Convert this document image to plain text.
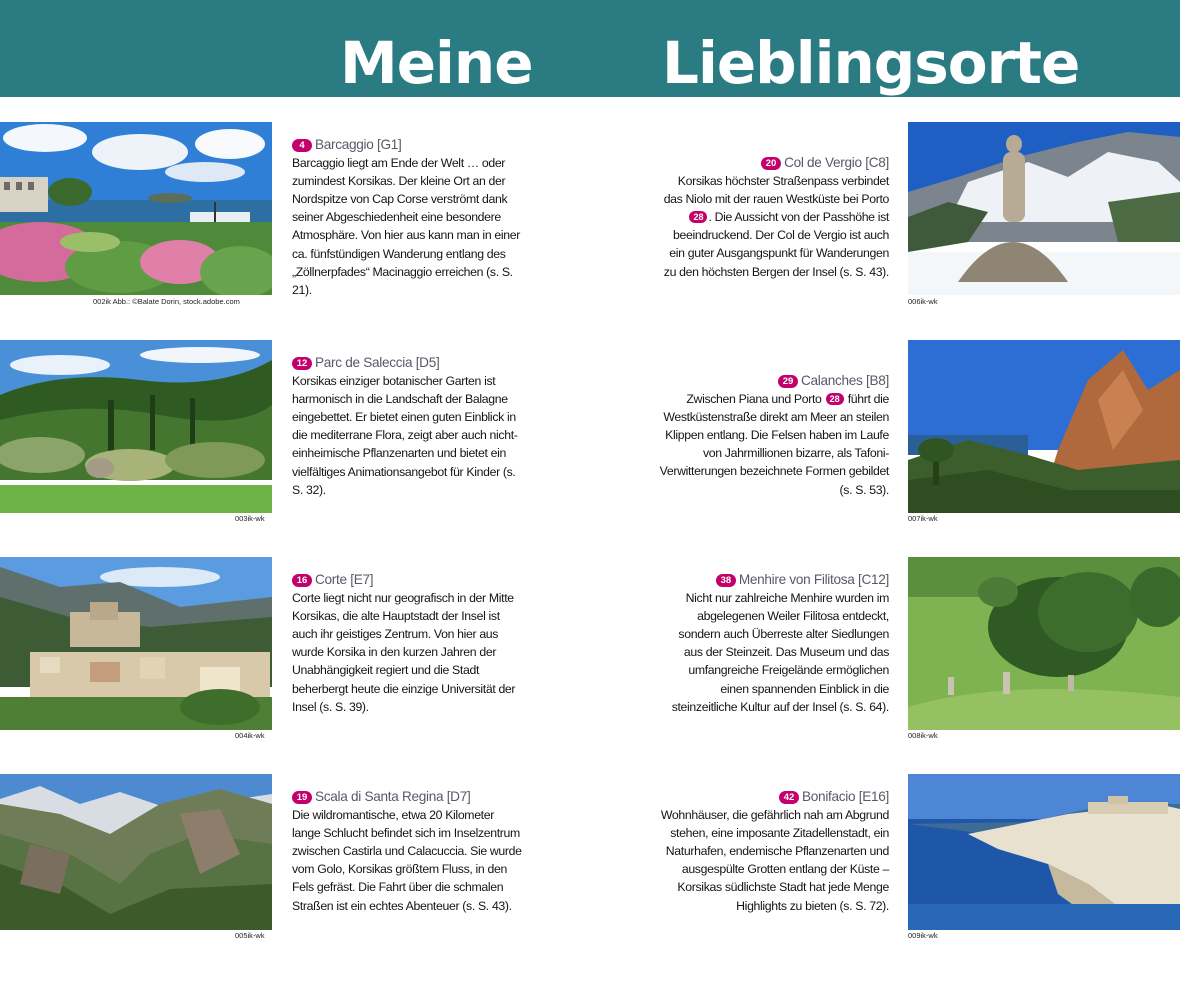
Meine Lieblingsorte
002ik Abb.: ©Balate Dorin, stock.adobe.com
4 Barcaggio [G1]
Barcaggio liegt am Ende der Welt … oder zumindest Korsikas. Der kleine Ort an der Nordspitze von Cap Corse verströmt dank seiner Abgeschiedenheit eine besondere Atmosphäre. Von hier aus kann man in einer ca. fünfstündigen Wanderung entlang des „Zöllnerpfades“ Macinaggio erreichen (s. S. 21).
003ik-wk
12 Parc de Saleccia [D5]
Korsikas einziger botanischer Garten ist harmonisch in die Landschaft der Balagne eingebettet. Er bietet einen guten Einblick in die mediterrane Flora, zeigt aber auch nicht-einheimische Pflanzenarten und bietet ein vielfältiges Animationsangebot für Kinder (s. S. 32).
004ik-wk
16 Corte [E7]
Corte liegt nicht nur geografisch in der Mitte Korsikas, die alte Hauptstadt der Insel ist auch ihr geistiges Zentrum. Von hier aus wurde Korsika in den kurzen Jahren der Unabhängigkeit regiert und die Stadt beherbergt heute die einzige Universität der Insel (s. S. 39).
005ik-wk
19 Scala di Santa Regina [D7]
Die wildromantische, etwa 20 Kilometer lange Schlucht befindet sich im Inselzentrum zwischen Castirla und Calacuccia. Sie wurde vom Golo, Korsikas größtem Fluss, in den Fels gefräst. Die Fahrt über die schmalen Straßen ist ein echtes Abenteuer (s. S. 43).
20 Col de Vergio [C8]
Korsikas höchster Straßenpass verbindet das Niolo mit der rauen Westküste bei Porto 28 . Die Aussicht von der Passhöhe ist beeindruckend. Der Col de Vergio ist auch ein guter Ausgangspunkt für Wanderungen zu den höchsten Bergen der Insel (s. S. 43).
006ik-wk
29 Calanches [B8]
Zwischen Piana und Porto 28 führt die Westküstenstraße direkt am Meer an steilen Klippen entlang. Die Felsen haben im Laufe von Jahrmillionen bizarre, als Tafoni-Verwitterungen bezeichnete Formen gebildet (s. S. 53).
007ik-wk
38 Menhire von Filitosa [C12]
Nicht nur zahlreiche Menhire wurden im abgelegenen Weiler Filitosa entdeckt, sondern auch Überreste alter Siedlungen aus der Steinzeit. Das Museum und das umfangreiche Freigelände ermöglichen einen spannenden Einblick in die steinzeitliche Kultur auf der Insel (s. S. 64).
008ik-wk
42 Bonifacio [E16]
Wohnhäuser, die gefährlich nah am Abgrund stehen, eine imposante Zitadellenstadt, ein Naturhafen, endemische Pflanzenarten und ausgespülte Grotten entlang der Küste – Korsikas südlichste Stadt hat jede Menge Highlights zu bieten (s. S. 72).
009ik-wk
